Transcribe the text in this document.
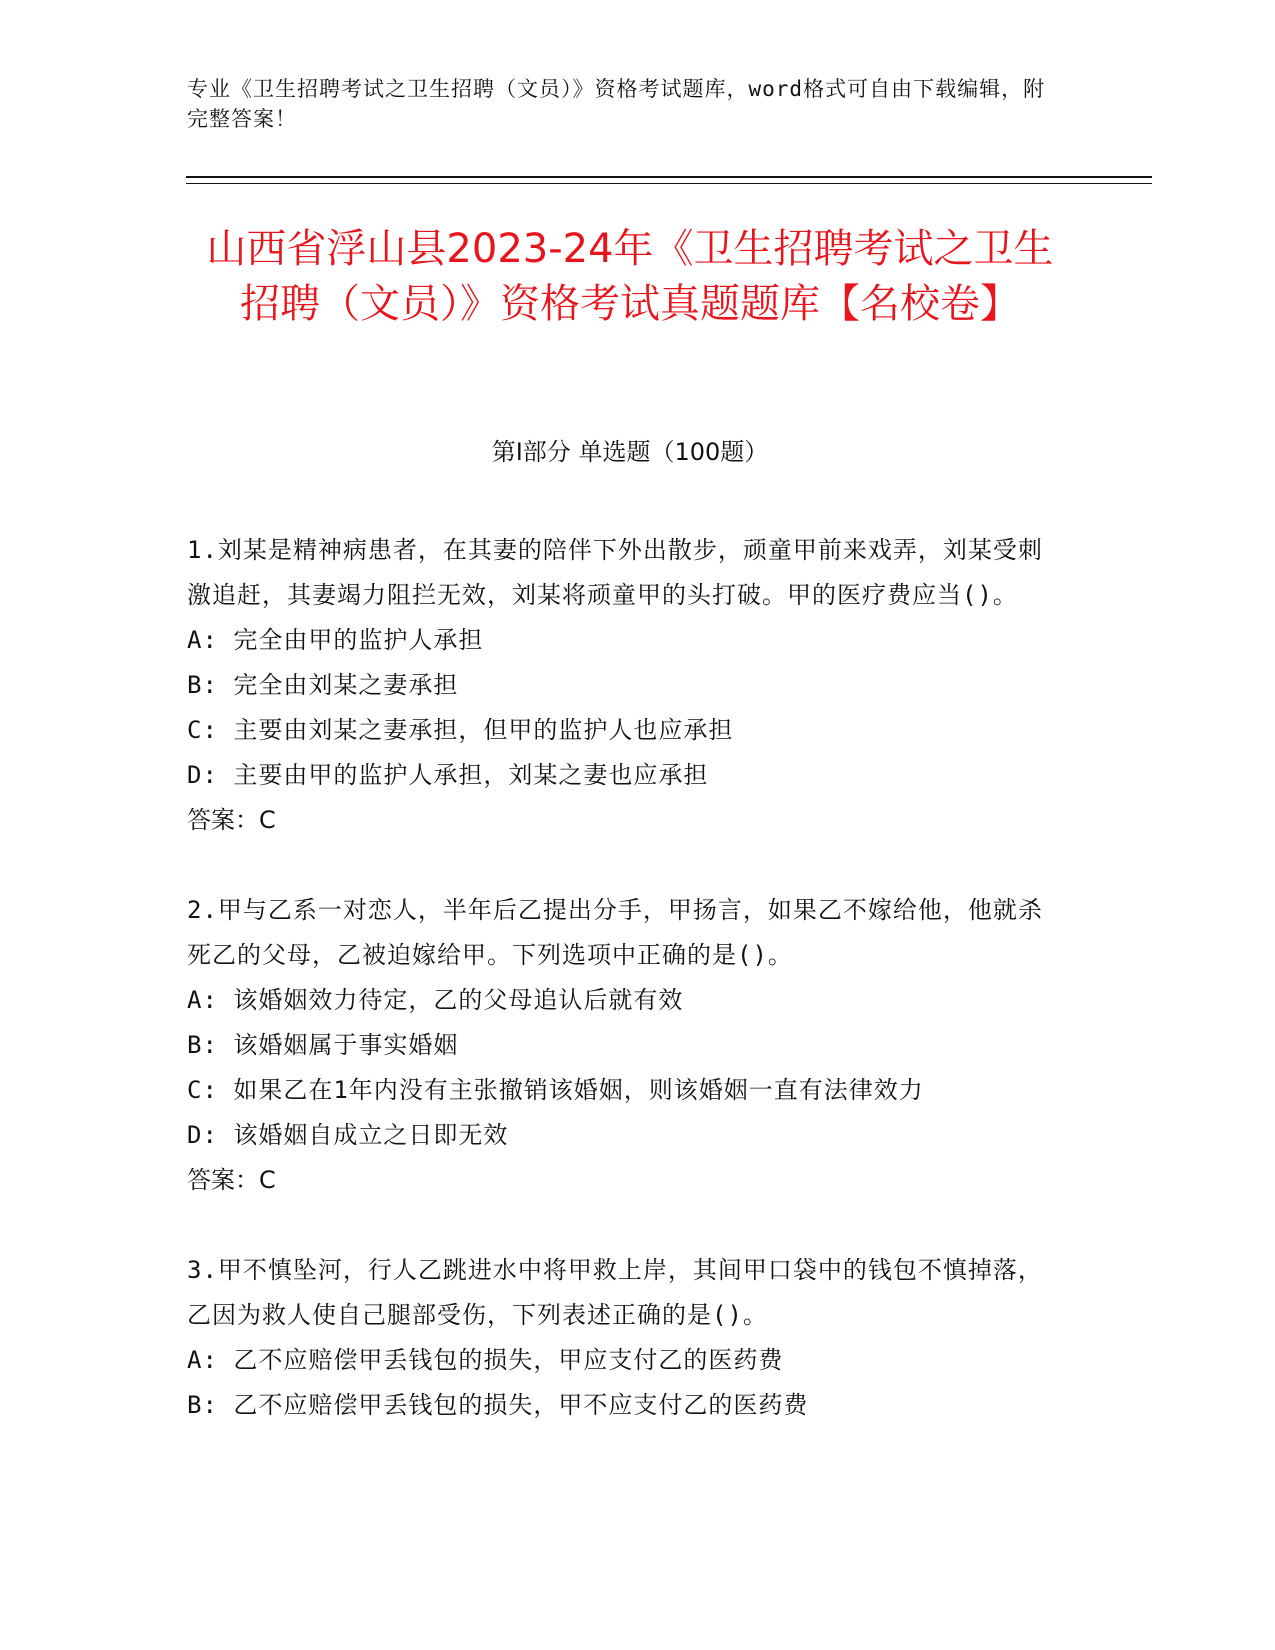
专业《卫生招聘考试之卫生招聘（文员）》资格考试题库，word格式可自由下载编辑，附完整答案！
山西省浮山县2023-24年《卫生招聘考试之卫生招聘（文员）》资格考试真题题库【名校卷】
第I部分 单选题（100题）

1.刘某是精神病患者，在其妻的陪伴下外出散步，顽童甲前来戏弄，刘某受刺激追赶，其妻竭力阻拦无效，刘某将顽童甲的头打破。甲的医疗费应当()。

A: 完全由甲的监护人承担

B: 完全由刘某之妻承担

C: 主要由刘某之妻承担，但甲的监护人也应承担

D: 主要由甲的监护人承担，刘某之妻也应承担

答案：C

2.甲与乙系一对恋人，半年后乙提出分手，甲扬言，如果乙不嫁给他，他就杀死乙的父母，乙被迫嫁给甲。下列选项中正确的是()。

A: 该婚姻效力待定，乙的父母追认后就有效

B: 该婚姻属于事实婚姻

C: 如果乙在1年内没有主张撤销该婚姻，则该婚姻一直有法律效力

D: 该婚姻自成立之日即无效

答案：C

3.甲不慎坠河，行人乙跳进水中将甲救上岸，其间甲口袋中的钱包不慎掉落，乙因为救人使自己腿部受伤，下列表述正确的是()。

A: 乙不应赔偿甲丢钱包的损失，甲应支付乙的医药费

B: 乙不应赔偿甲丢钱包的损失，甲不应支付乙的医药费
